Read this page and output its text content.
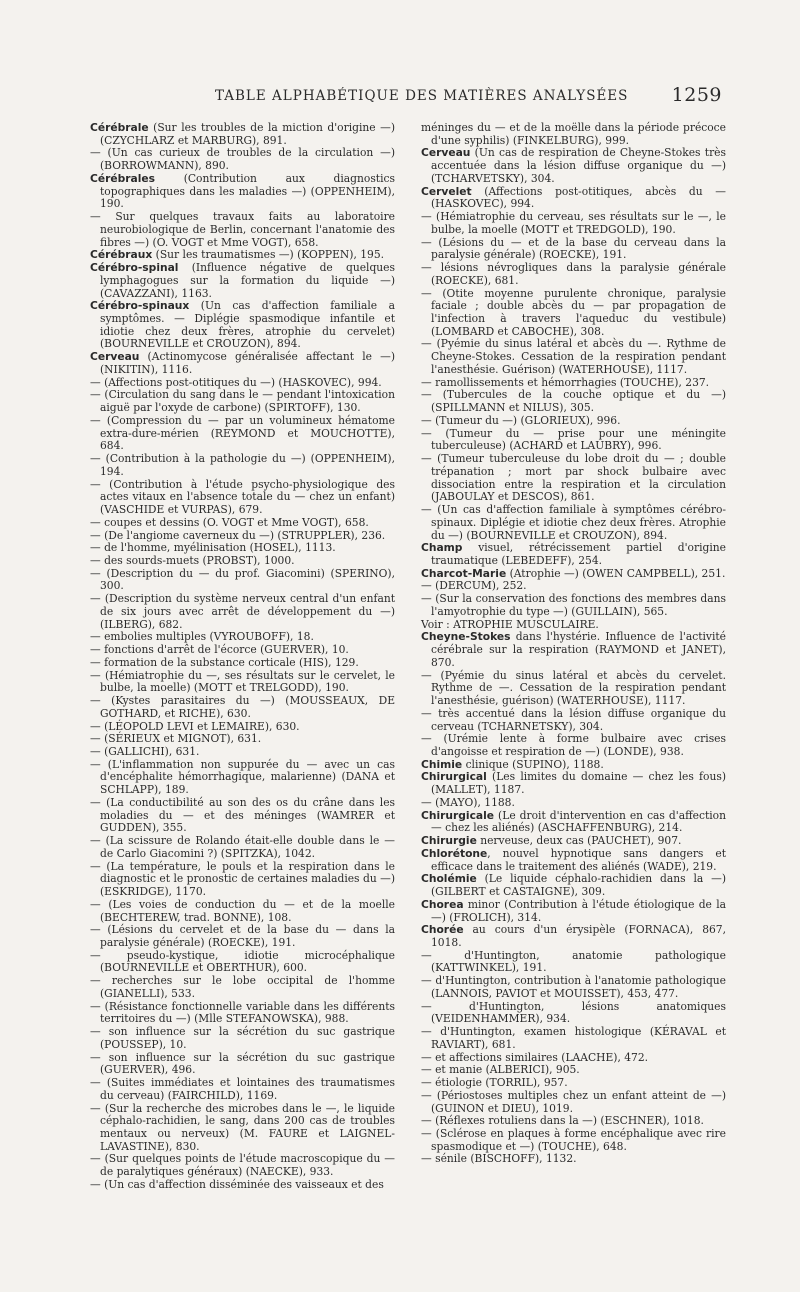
TABLE ALPHABÉTIQUE DES MATIÈRES ANALYSÉES 1259

Cérébrale (Sur les troubles de la miction d'origine —) (CZYCHLARZ et MARBURG), 891.

— (Un cas curieux de troubles de la circulation —) (BORROWMANN), 890.

Cérébrales (Contribution aux diagnostics topographiques dans les maladies —) (OPPENHEIM), 190.

— Sur quelques travaux faits au laboratoire neurobiologique de Berlin, concernant l'anatomie des fibres —) (O. VOGT et Mme VOGT), 658.

Cérébraux (Sur les traumatismes —) (KOPPEN), 195.

Cérébro-spinal (Influence négative de quelques lymphagogues sur la formation du liquide —) (CAVAZZANI), 1163.

Cérébro-spinaux (Un cas d'affection familiale a symptômes. — Diplégie spasmodique infantile et idiotie chez deux frères, atrophie du cervelet) (BOURNEVILLE et CROUZON), 894.

Cerveau (Actinomycose généralisée affectant le —) (NIKITIN), 1116.

— (Affections post-otitiques du —) (HASKOVEC), 994.

— (Circulation du sang dans le — pendant l'intoxication aiguë par l'oxyde de carbone) (SPIRTOFF), 130.

— (Compression du — par un volumineux hématome extra-dure-mérien (REYMOND et MOUCHOTTE), 684.

— (Contribution à la pathologie du —) (OPPENHEIM), 194.

— (Contribution à l'étude psycho-physiologique des actes vitaux en l'absence totale du — chez un enfant) (VASCHIDE et VURPAS), 679.

— coupes et dessins (O. VOGT et Mme VOGT), 658.

— (De l'angiome caverneux du —) (STRUPPLER), 236.

— de l'homme, myélinisation (HOSEL), 1113.

— des sourds-muets (PROBST), 1000.

— (Description du — du prof. Giacomini) (SPERINO), 300.

— (Description du système nerveux central d'un enfant de six jours avec arrêt de développement du —) (ILBERG), 682.

— embolies multiples (VYROUBOFF), 18.

— fonctions d'arrêt de l'écorce (GUERVER), 10.

— formation de la substance corticale (HIS), 129.

— (Hémiatrophie du —, ses résultats sur le cervelet, le bulbe, la moelle) (MOTT et TRELGODD), 190.

— (Kystes parasitaires du —) (MOUSSEAUX, DE GOTHARD, et RICHE), 630.

— (LÉOPOLD LEVI et LEMAIRE), 630.

— (SÉRIEUX et MIGNOT), 631.

— (GALLICHI), 631.

— (L'inflammation non suppurée du — avec un cas d'encéphalite hémorrhagique, malarienne) (DANA et SCHLAPP), 189.

— (La conductibilité au son des os du crâne dans les moladies du — et des méninges (WAMRER et GUDDEN), 355.

— (La scissure de Rolando était-elle double dans le — de Carlo Giacomini ?) (SPITZKA), 1042.

— (La température, le pouls et la respiration dans le diagnostic et le pronostic de certaines maladies du —) (ESKRIDGE), 1170.

— (Les voies de conduction du — et de la moelle (BECHTEREW, trad. BONNE), 108.

— (Lésions du cervelet et de la base du — dans la paralysie générale) (ROECKE), 191.

— pseudo-kystique, idiotie microcéphalique (BOURNEVILLE et OBERTHUR), 600.

— recherches sur le lobe occipital de l'homme (GIANELLI), 533.

— (Résistance fonctionnelle variable dans les différents territoires du —) (Mlle STEFANOWSKA), 988.

— son influence sur la sécrétion du suc gastrique (POUSSEP), 10.

— son influence sur la sécrétion du suc gastrique (GUERVER), 496.

— (Suites immédiates et lointaines des traumatismes du cerveau) (FAIRCHILD), 1169.

— (Sur la recherche des microbes dans le —, le liquide céphalo-rachidien, le sang, dans 200 cas de troubles mentaux ou nerveux) (M. FAURE et LAIGNEL-LAVASTINE), 830.

— (Sur quelques points de l'étude macroscopique du — de paralytiques généraux) (NAECKE), 933.

— (Un cas d'affection disséminée des vaisseaux et des

méninges du — et de la moëlle dans la période précoce d'une syphilis) (FINKELBURG), 999.

Cerveau (Un cas de respiration de Cheyne-Stokes très accentuée dans la lésion diffuse organique du —) (TCHARVETSKY), 304.

Cervelet (Affections post-otitiques, abcès du — (HASKOVEC), 994.

— (Hémiatrophie du cerveau, ses résultats sur le —, le bulbe, la moelle (MOTT et TREDGOLD), 190.

— (Lésions du — et de la base du cerveau dans la paralysie générale) (ROECKE), 191.

— lésions névrogliques dans la paralysie générale (ROECKE), 681.

— (Otite moyenne purulente chronique, paralysie faciale ; double abcès du — par propagation de l'infection à travers l'aqueduc du vestibule) (LOMBARD et CABOCHE), 308.

— (Pyémie du sinus latéral et abcès du —. Rythme de Cheyne-Stokes. Cessation de la respiration pendant l'anesthésie. Guérison) (WATERHOUSE), 1117.

— ramollissements et hémorrhagies (TOUCHE), 237.

— (Tubercules de la couche optique et du —) (SPILLMANN et NILUS), 305.

— (Tumeur du —) (GLORIEUX), 996.

— (Tumeur du — prise pour une méningite tuberculeuse) (ACHARD et LAUBRY), 996.

— (Tumeur tuberculeuse du lobe droit du — ; double trépanation ; mort par shock bulbaire avec dissociation entre la respiration et la circulation (JABOULAY et DESCOS), 861.

— (Un cas d'affection familiale à symptômes cérébro-spinaux. Diplégie et idiotie chez deux frères. Atrophie du —) (BOURNEVILLE et CROUZON), 894.

Champ visuel, rétrécissement partiel d'origine traumatique (LEBEDEFF), 254.

Charcot-Marie (Atrophie —) (OWEN CAMPBELL), 251.

— (DERCUM), 252.

— (Sur la conservation des fonctions des membres dans l'amyotrophie du type —) (GUILLAIN), 565.

Voir : ATROPHIE MUSCULAIRE.

Cheyne-Stokes dans l'hystérie. Influence de l'activité cérébrale sur la respiration (RAYMOND et JANET), 870.

— (Pyémie du sinus latéral et abcès du cervelet. Rythme de —. Cessation de la respiration pendant l'anesthésie, guérison) (WATERHOUSE), 1117.

— très accentué dans la lésion diffuse organique du cerveau (TCHARNETSKY), 304.

— (Urémie lente à forme bulbaire avec crises d'angoisse et respiration de —) (LONDE), 938.

Chimie clinique (SUPINO), 1188.

Chirurgical (Les limites du domaine — chez les fous) (MALLET), 1187.

— (MAYO), 1188.

Chirurgicale (Le droit d'intervention en cas d'affection — chez les aliénés) (ASCHAFFENBURG), 214.

Chirurgie nerveuse, deux cas (PAUCHET), 907.

Chlorétone, nouvel hypnotique sans dangers et efficace dans le traitement des aliénés (WADE), 219.

Cholémie (Le liquide céphalo-rachidien dans la —) (GILBERT et CASTAIGNE), 309.

Chorea minor (Contribution à l'étude étiologique de la —) (FROLICH), 314.

Chorée au cours d'un érysipèle (FORNACA), 867, 1018.

— d'Huntington, anatomie pathologique (KATTWINKEL), 191.

— d'Huntington, contribution à l'anatomie pathologique (LANNOIS, PAVIOT et MOUISSET), 453, 477.

— d'Huntington, lésions anatomiques (VEIDENHAMMER), 934.

— d'Huntington, examen histologique (KÉRAVAL et RAVIART), 681.

— et affections similaires (LAACHE), 472.

— et manie (ALBERICI), 905.

— étiologie (TORRIL), 957.

— (Périostoses multiples chez un enfant atteint de —) (GUINON et DIEU), 1019.

— (Réflexes rotuliens dans la —) (ESCHNER), 1018.

— (Sclérose en plaques à forme encéphalique avec rire spasmodique et —) (TOUCHE), 648.

— sénile (BISCHOFF), 1132.
